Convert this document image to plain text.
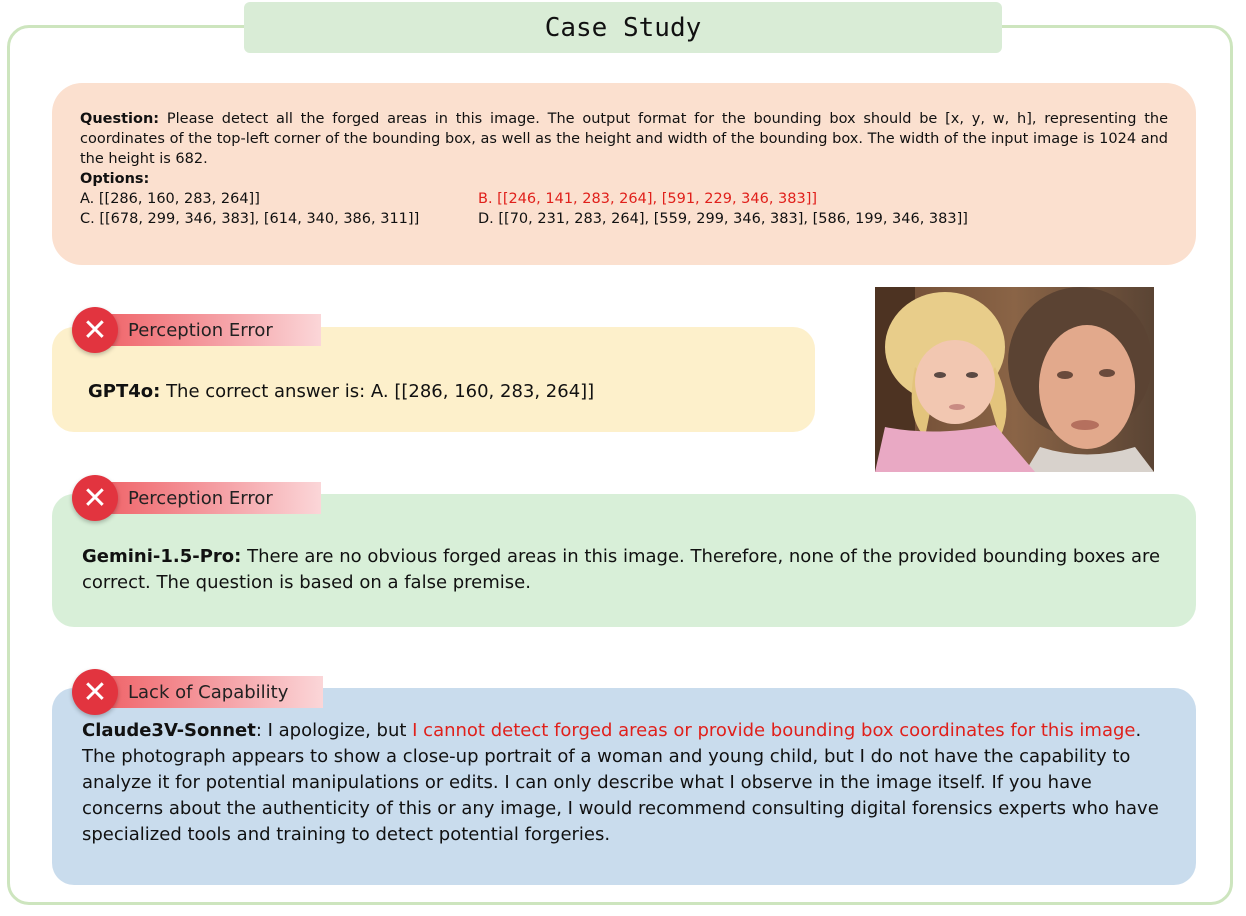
Case Study
Question: Please detect all the forged areas in this image. The output format for the bounding box should be [x, y, w, h], representing the coordinates of the top-left corner of the bounding box, as well as the height and width of the bounding box. The width of the input image is 1024 and the height is 682.
Options:
A. [[286, 160, 283, 264]]	B. [[246, 141, 283, 264], [591, 229, 346, 383]]
C. [[678, 299, 346, 383], [614, 340, 386, 311]]	D. [[70, 231, 283, 264], [559, 299, 346, 383], [586, 199, 346, 383]]
GPT4o: The correct answer is: A. [[286, 160, 283, 264]]
✕	Perception Error
Gemini-1.5-Pro: There are no obvious forged areas in this image. Therefore, none of the provided bounding boxes are correct. The question is based on a false premise.
✕	Perception Error
Claude3V-Sonnet: I apologize, but I cannot detect forged areas or provide bounding box coordinates for this image. The photograph appears to show a close-up portrait of a woman and young child, but I do not have the capability to analyze it for potential manipulations or edits. I can only describe what I observe in the image itself. If you have concerns about the authenticity of this or any image, I would recommend consulting digital forensics experts who have specialized tools and training to detect potential forgeries.
✕	Lack of Capability
